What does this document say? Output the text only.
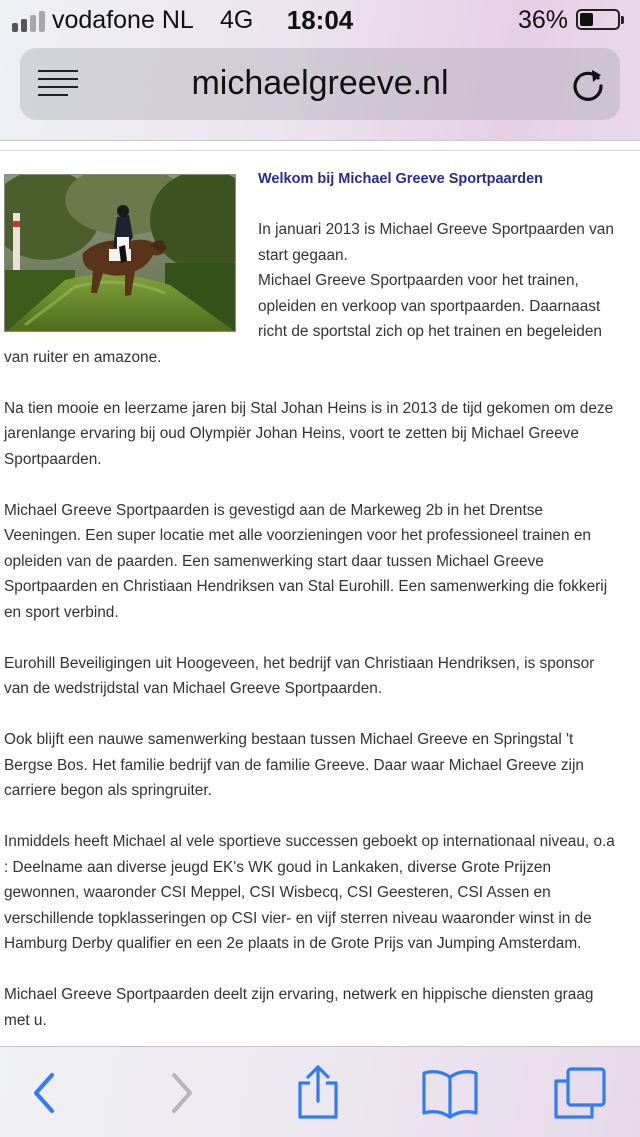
vodafone NL 4G	18:04	36%
michaelgreeve.nl
Welkom bij Michael Greeve Sportpaarden

In januari 2013 is Michael Greeve Sportpaarden van start gegaan.
Michael Greeve Sportpaarden voor het trainen, opleiden en verkoop van sportpaarden. Daarnaast richt de sportstal zich op het trainen en begeleiden van ruiter en amazone.

Na tien mooie en leerzame jaren bij Stal Johan Heins is in 2013 de tijd gekomen om deze jarenlange ervaring bij oud Olympiër Johan Heins, voort te zetten bij Michael Greeve Sportpaarden.

Michael Greeve Sportpaarden is gevestigd aan de Markeweg 2b in het Drentse Veeningen. Een super locatie met alle voorzieningen voor het professioneel trainen en opleiden van de paarden. Een samenwerking start daar tussen Michael Greeve Sportpaarden en Christiaan Hendriksen van Stal Eurohill. Een samenwerking die fokkerij en sport verbind.

Eurohill Beveiligingen uit Hoogeveen, het bedrijf van Christiaan Hendriksen, is sponsor van de wedstrijdstal van Michael Greeve Sportpaarden.

Ook blijft een nauwe samenwerking bestaan tussen Michael Greeve en Springstal 't Bergse Bos. Het familie bedrijf van de familie Greeve. Daar waar Michael Greeve zijn carriere begon als springruiter.

Inmiddels heeft Michael al vele sportieve successen geboekt op internationaal niveau, o.a : Deelname aan diverse jeugd EK's WK goud in Lankaken, diverse Grote Prijzen gewonnen, waaronder CSI Meppel, CSI Wisbecq, CSI Geesteren, CSI Assen en verschillende topklasseringen op CSI vier- en vijf sterren niveau waaronder winst in de Hamburg Derby qualifier en een 2e plaats in de Grote Prijs van Jumping Amsterdam.

Michael Greeve Sportpaarden deelt zijn ervaring, netwerk en hippische diensten graag met u.
